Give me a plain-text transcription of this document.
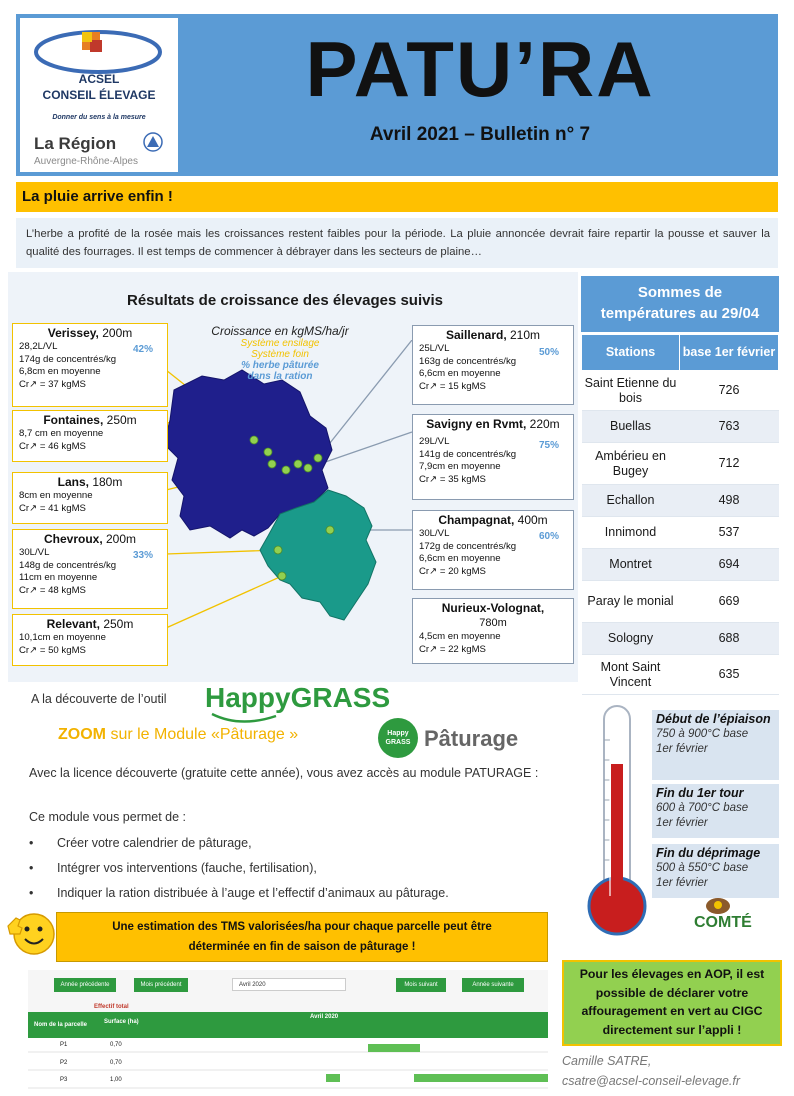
ACSEL
CONSEIL ÉLEVAGE
Donner du sens à la mesure
La Région
Auvergne-Rhône-Alpes
PATU’RA
Avril 2021 – Bulletin n° 7
La pluie arrive enfin !
L’herbe a profité de la rosée mais les croissances restent faibles pour la période. La pluie annoncée devrait faire repartir la pousse et sauver la qualité des fourrages. Il est temps de commencer à débrayer dans les secteurs de plaine…
Résultats de croissance des élevages suivis
Croissance en kgMS/ha/jr
Système ensilage
Système foin
% herbe pâturée
dans la ration
Verissey, 200m
42%
28,2L/VL
174g de concentrés/kg
6,8cm en moyenne
Cr↗ = 37 kgMS
Fontaines, 250m
8,7 cm en moyenne
Cr↗ = 46 kgMS
Lans, 180m
8cm en moyenne
Cr↗ = 41 kgMS
Chevroux, 200m
33%
30L/VL
148g de concentrés/kg
11cm en moyenne
Cr↗ = 48 kgMS
Relevant, 250m
10,1cm en moyenne
Cr↗ = 50 kgMS
Saillenard, 210m
50%
25L/VL
163g de concentrés/kg
6,6cm en moyenne
Cr↗ = 15 kgMS
Savigny en Rvmt, 220m
75%
29L/VL
141g de concentrés/kg
7,9cm en moyenne
Cr↗ = 35 kgMS
Champagnat, 400m
60%
30L/VL
172g de concentrés/kg
6,6cm en moyenne
Cr↗ = 20 kgMS
Nurieux-Volognat,
780m
4,5cm en moyenne
Cr↗ = 22 kgMS
Sommes de
températures au 29/04
Stations	base 1er février
Saint Etienne du bois	726
Buellas	763
Ambérieu en Bugey	712
Echallon	498
Innimond	537
Montret	694
Paray le monial	669
Sologny	688
Mont Saint Vincent	635
A la découverte de l’outil HappyGRASS
ZOOM sur le Module «Pâturage »	Happy
GRASS Pâturage
Avec la licence découverte (gratuite cette année), vous avez accès au module PATURAGE :
Ce module vous permet de :
• Créer votre calendrier de pâturage,
• Intégrer vos interventions (fauche, fertilisation),
• Indiquer la ration distribuée à l’auge et l’effectif d’animaux au pâturage.
Une estimation des TMS valorisées/ha pour chaque parcelle peut être
déterminée en fin de saison de pâturage !
Année précédente	Mois précédent	Avril 2020	Mois suivant	Année suivante
Effectif total
Nom de la parcelle	Surface (ha)
Avril 2020
P1	0,70
P2	0,70
P3	1,00
Début de l’épiaison
750 à 900°C base
1er février
Fin du 1er tour
600 à 700°C base
1er février
Fin du déprimage
500 à 550°C base
1er février
COMTÉ
Pour les élevages en AOP, il est possible de déclarer votre affouragement en vert au CIGC directement sur l’appli !
Camille SATRE,
csatre@acsel-conseil-elevage.fr
